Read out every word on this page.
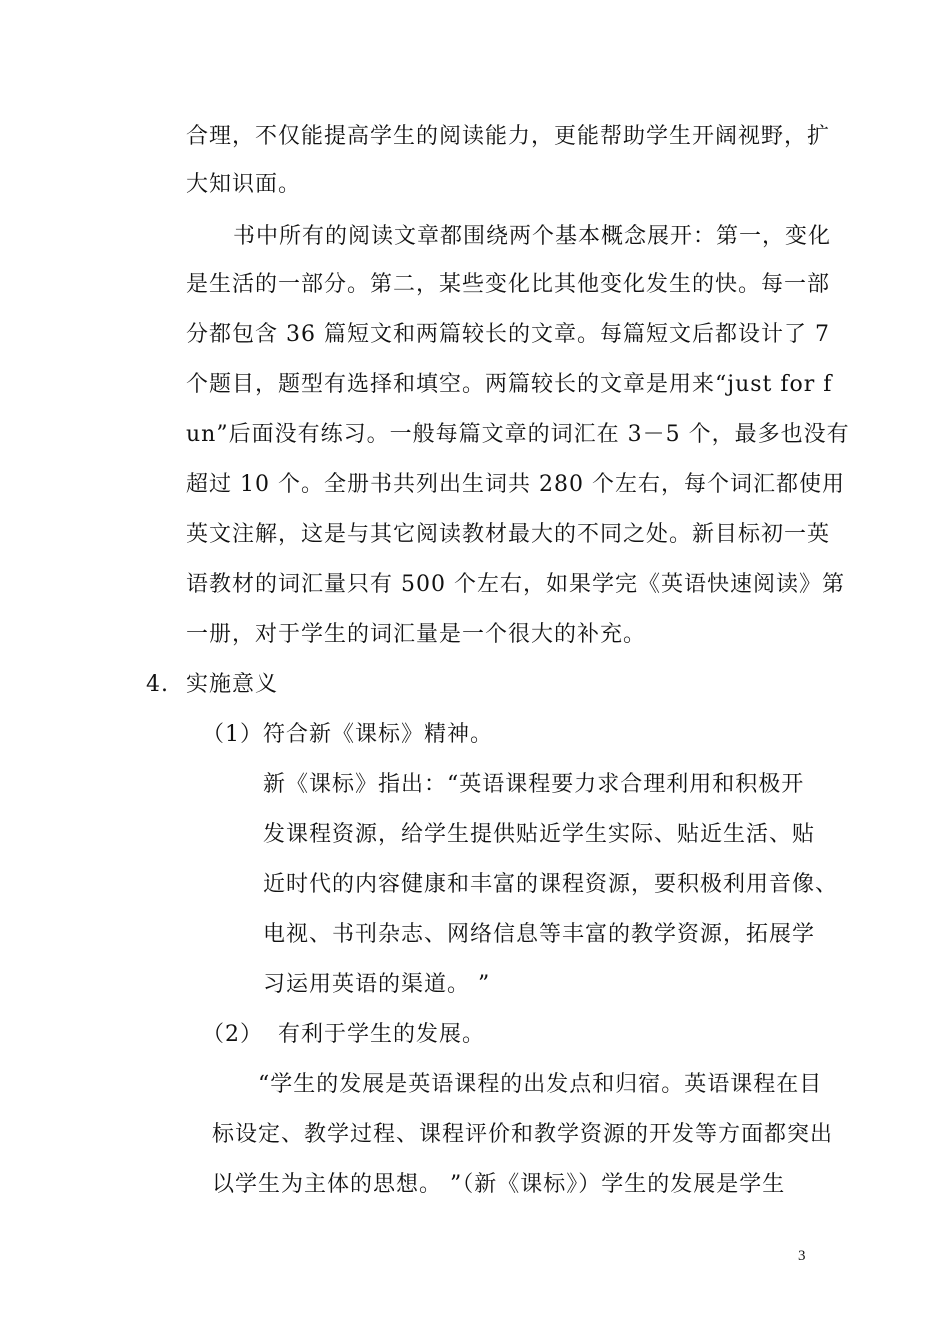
合理，不仅能提高学生的阅读能力，更能帮助学生开阔视野，扩
大知识面。
书中所有的阅读文章都围绕两个基本概念展开：第一，变化
是生活的一部分。第二，某些变化比其他变化发生的快。每一部
分都包含 36 篇短文和两篇较长的文章。每篇短文后都设计了 7
个题目，题型有选择和填空。两篇较长的文章是用来“just for f
un”后面没有练习。一般每篇文章的词汇在 3－5 个，最多也没有
超过 10 个。全册书共列出生词共 280 个左右，每个词汇都使用
英文注解，这是与其它阅读教材最大的不同之处。新目标初一英
语教材的词汇量只有 500 个左右，如果学完《英语快速阅读》第
一册，对于学生的词汇量是一个很大的补充。
4. 实施意义
（1） 符合新《课标》精神。
新《课标》指出：“英语课程要力求合理利用和积极开
发课程资源，给学生提供贴近学生实际、贴近生活、贴
近时代的内容健康和丰富的课程资源，要积极利用音像、
电视、书刊杂志、网络信息等丰富的教学资源，拓展学
习运用英语的渠道。 ”
（2） 有利于学生的发展。
“学生的发展是英语课程的出发点和归宿。英语课程在目
标设定、教学过程、课程评价和教学资源的开发等方面都突出
以学生为主体的思想。 ”（新《课标》）学生的发展是学生
3
